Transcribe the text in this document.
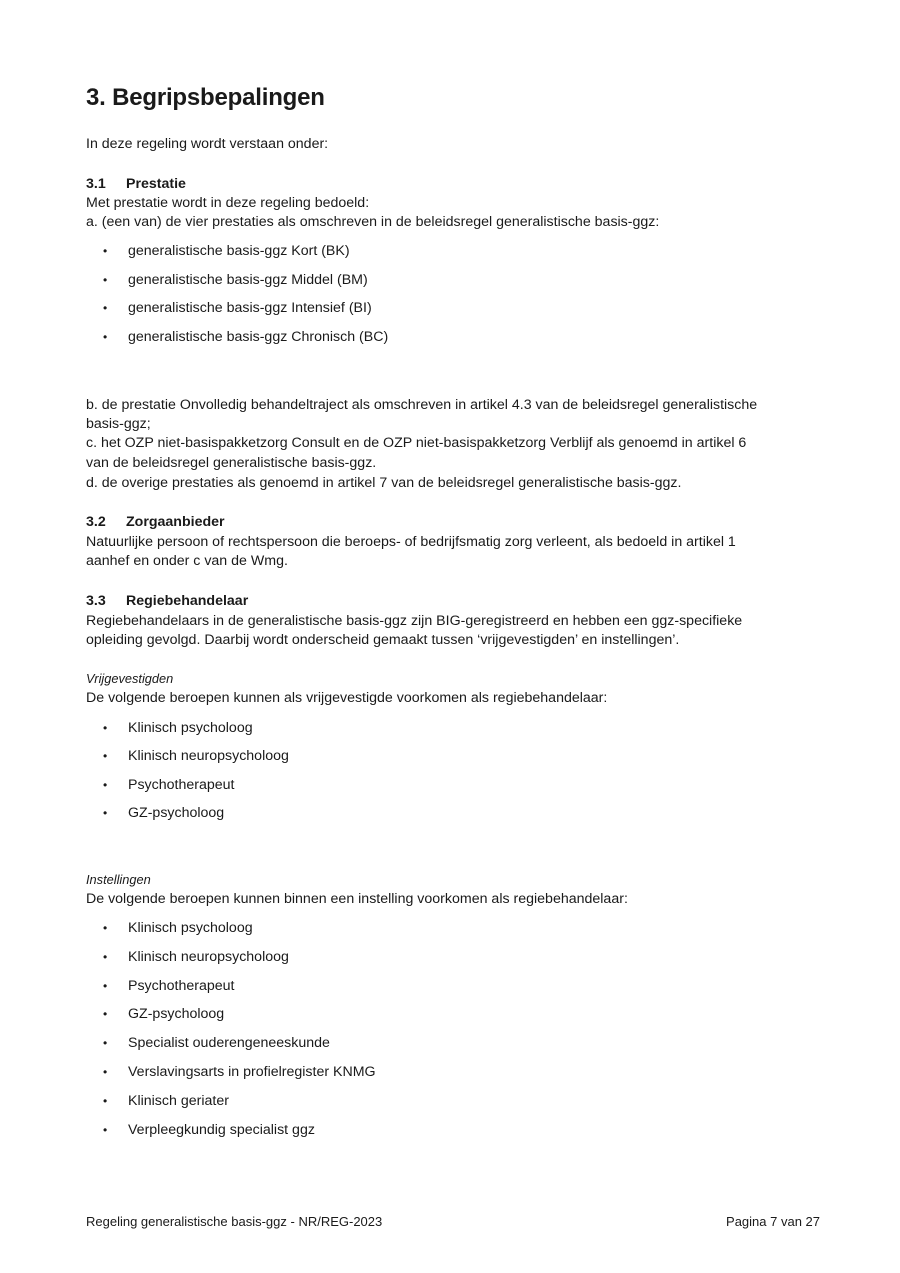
3. Begripsbepalingen
In deze regeling wordt verstaan onder:
3.1 Prestatie
Met prestatie wordt in deze regeling bedoeld:
a. (een van) de vier prestaties als omschreven in de beleidsregel generalistische basis-ggz:
• generalistische basis-ggz Kort (BK)
• generalistische basis-ggz Middel (BM)
• generalistische basis-ggz Intensief (BI)
• generalistische basis-ggz Chronisch (BC)
b. de prestatie Onvolledig behandeltraject als omschreven in artikel 4.3 van de beleidsregel generalistische
basis-ggz;
c. het OZP niet-basispakketzorg Consult en de OZP niet-basispakketzorg Verblijf als genoemd in artikel 6
van de beleidsregel generalistische basis-ggz.
d. de overige prestaties als genoemd in artikel 7 van de beleidsregel generalistische basis-ggz.
3.2 Zorgaanbieder
Natuurlijke persoon of rechtspersoon die beroeps- of bedrijfsmatig zorg verleent, als bedoeld in artikel 1
aanhef en onder c van de Wmg.
3.3 Regiebehandelaar
Regiebehandelaars in de generalistische basis-ggz zijn BIG-geregistreerd en hebben een ggz-specifieke
opleiding gevolgd. Daarbij wordt onderscheid gemaakt tussen ‘vrijgevestigden’ en instellingen’.
Vrijgevestigden
De volgende beroepen kunnen als vrijgevestigde voorkomen als regiebehandelaar:
• Klinisch psycholoog
• Klinisch neuropsycholoog
• Psychotherapeut
• GZ-psycholoog
Instellingen
De volgende beroepen kunnen binnen een instelling voorkomen als regiebehandelaar:
• Klinisch psycholoog
• Klinisch neuropsycholoog
• Psychotherapeut
• GZ-psycholoog
• Specialist ouderengeneeskunde
• Verslavingsarts in profielregister KNMG
• Klinisch geriater
• Verpleegkundig specialist ggz
Regeling generalistische basis-ggz - NR/REG-2023	Pagina 7 van 27
